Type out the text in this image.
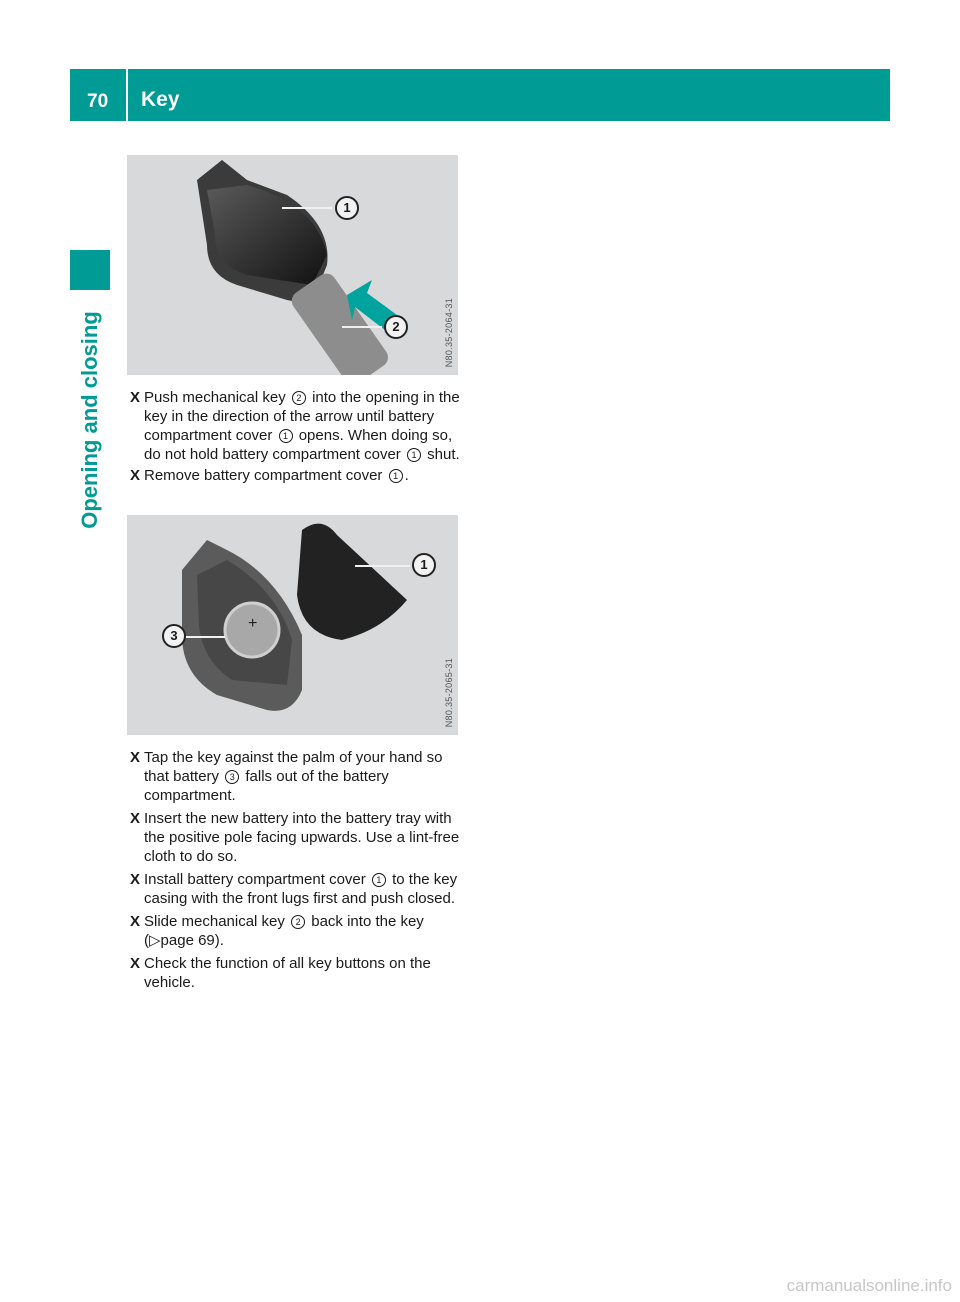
70 Key
Opening and closing
1
2	N80.35-2064-31

X Push mechanical key 2 into the opening in the key in the direction of the arrow until battery compartment cover 1 opens. When doing so, do not hold battery compartment cover 1 shut.

X Remove battery compartment cover 1 .

+
1
3
N80.35-2065-31

X Tap the key against the palm of your hand so that battery 3 falls out of the battery compartment.

X Insert the new battery into the battery tray with the positive pole facing upwards. Use a lint-free cloth to do so.

X Install battery compartment cover 1 to the key casing with the front lugs first and push closed.

X Slide mechanical key 2 back into the key (▷page 69).

X Check the function of all key buttons on the vehicle.

carmanualsonline.info
